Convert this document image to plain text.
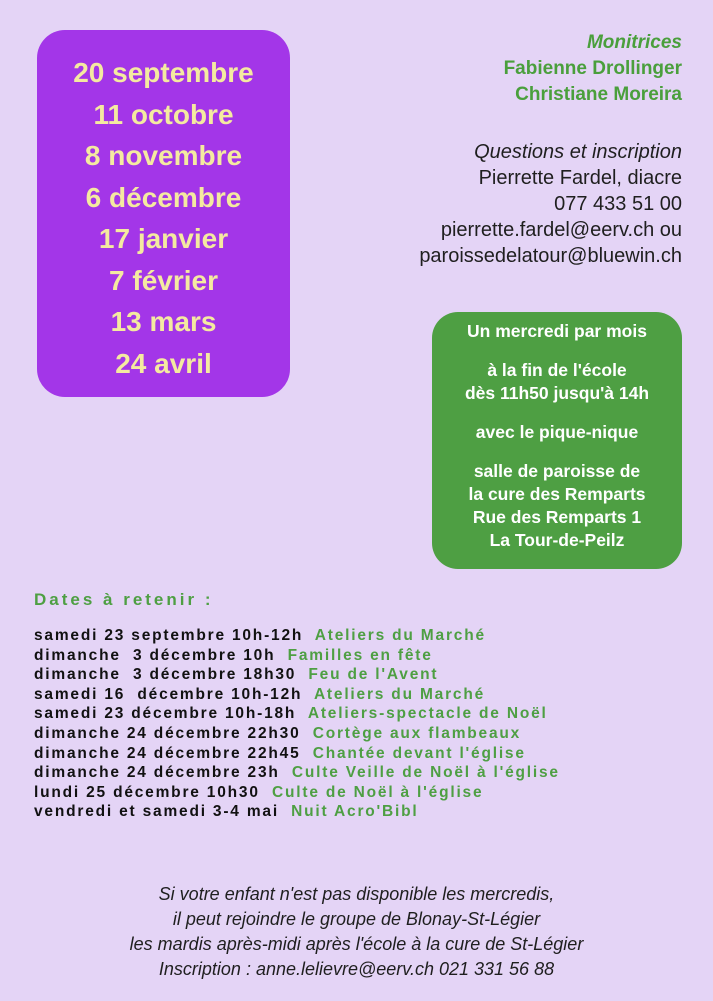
20 septembre
11 octobre
8 novembre
6 décembre
17 janvier
7 février
13 mars
24 avril
Monitrices
Fabienne Drollinger
Christiane Moreira
Questions et inscription
Pierrette Fardel, diacre
077 433 51 00
pierrette.fardel@eerv.ch ou
paroissedelatour@bluewin.ch
Un mercredi par mois
à la fin de l'école
dès 11h50 jusqu'à 14h
avec le pique-nique
salle de paroisse de
la cure des Remparts
Rue des Remparts 1
La Tour-de-Peilz
Dates à retenir :
samedi 23 septembre 10h-12h Ateliers du Marché
dimanche  3 décembre 10h Familles en fête
dimanche  3 décembre 18h30 Feu de l'Avent
samedi 16  décembre 10h-12h Ateliers du Marché
samedi 23 décembre 10h-18h Ateliers-spectacle de Noël
dimanche 24 décembre 22h30 Cortège aux flambeaux
dimanche 24 décembre 22h45 Chantée devant l'église
dimanche 24 décembre 23h Culte Veille de Noël à l'église
lundi 25 décembre 10h30 Culte de Noël à l'église
vendredi et samedi 3-4 mai Nuit Acro'Bibl
Si votre enfant n'est pas disponible les mercredis,
il peut rejoindre le groupe de Blonay-St-Légier
les mardis après-midi après l'école à la cure de St-Légier
Inscription : anne.lelievre@eerv.ch 021 331 56 88
